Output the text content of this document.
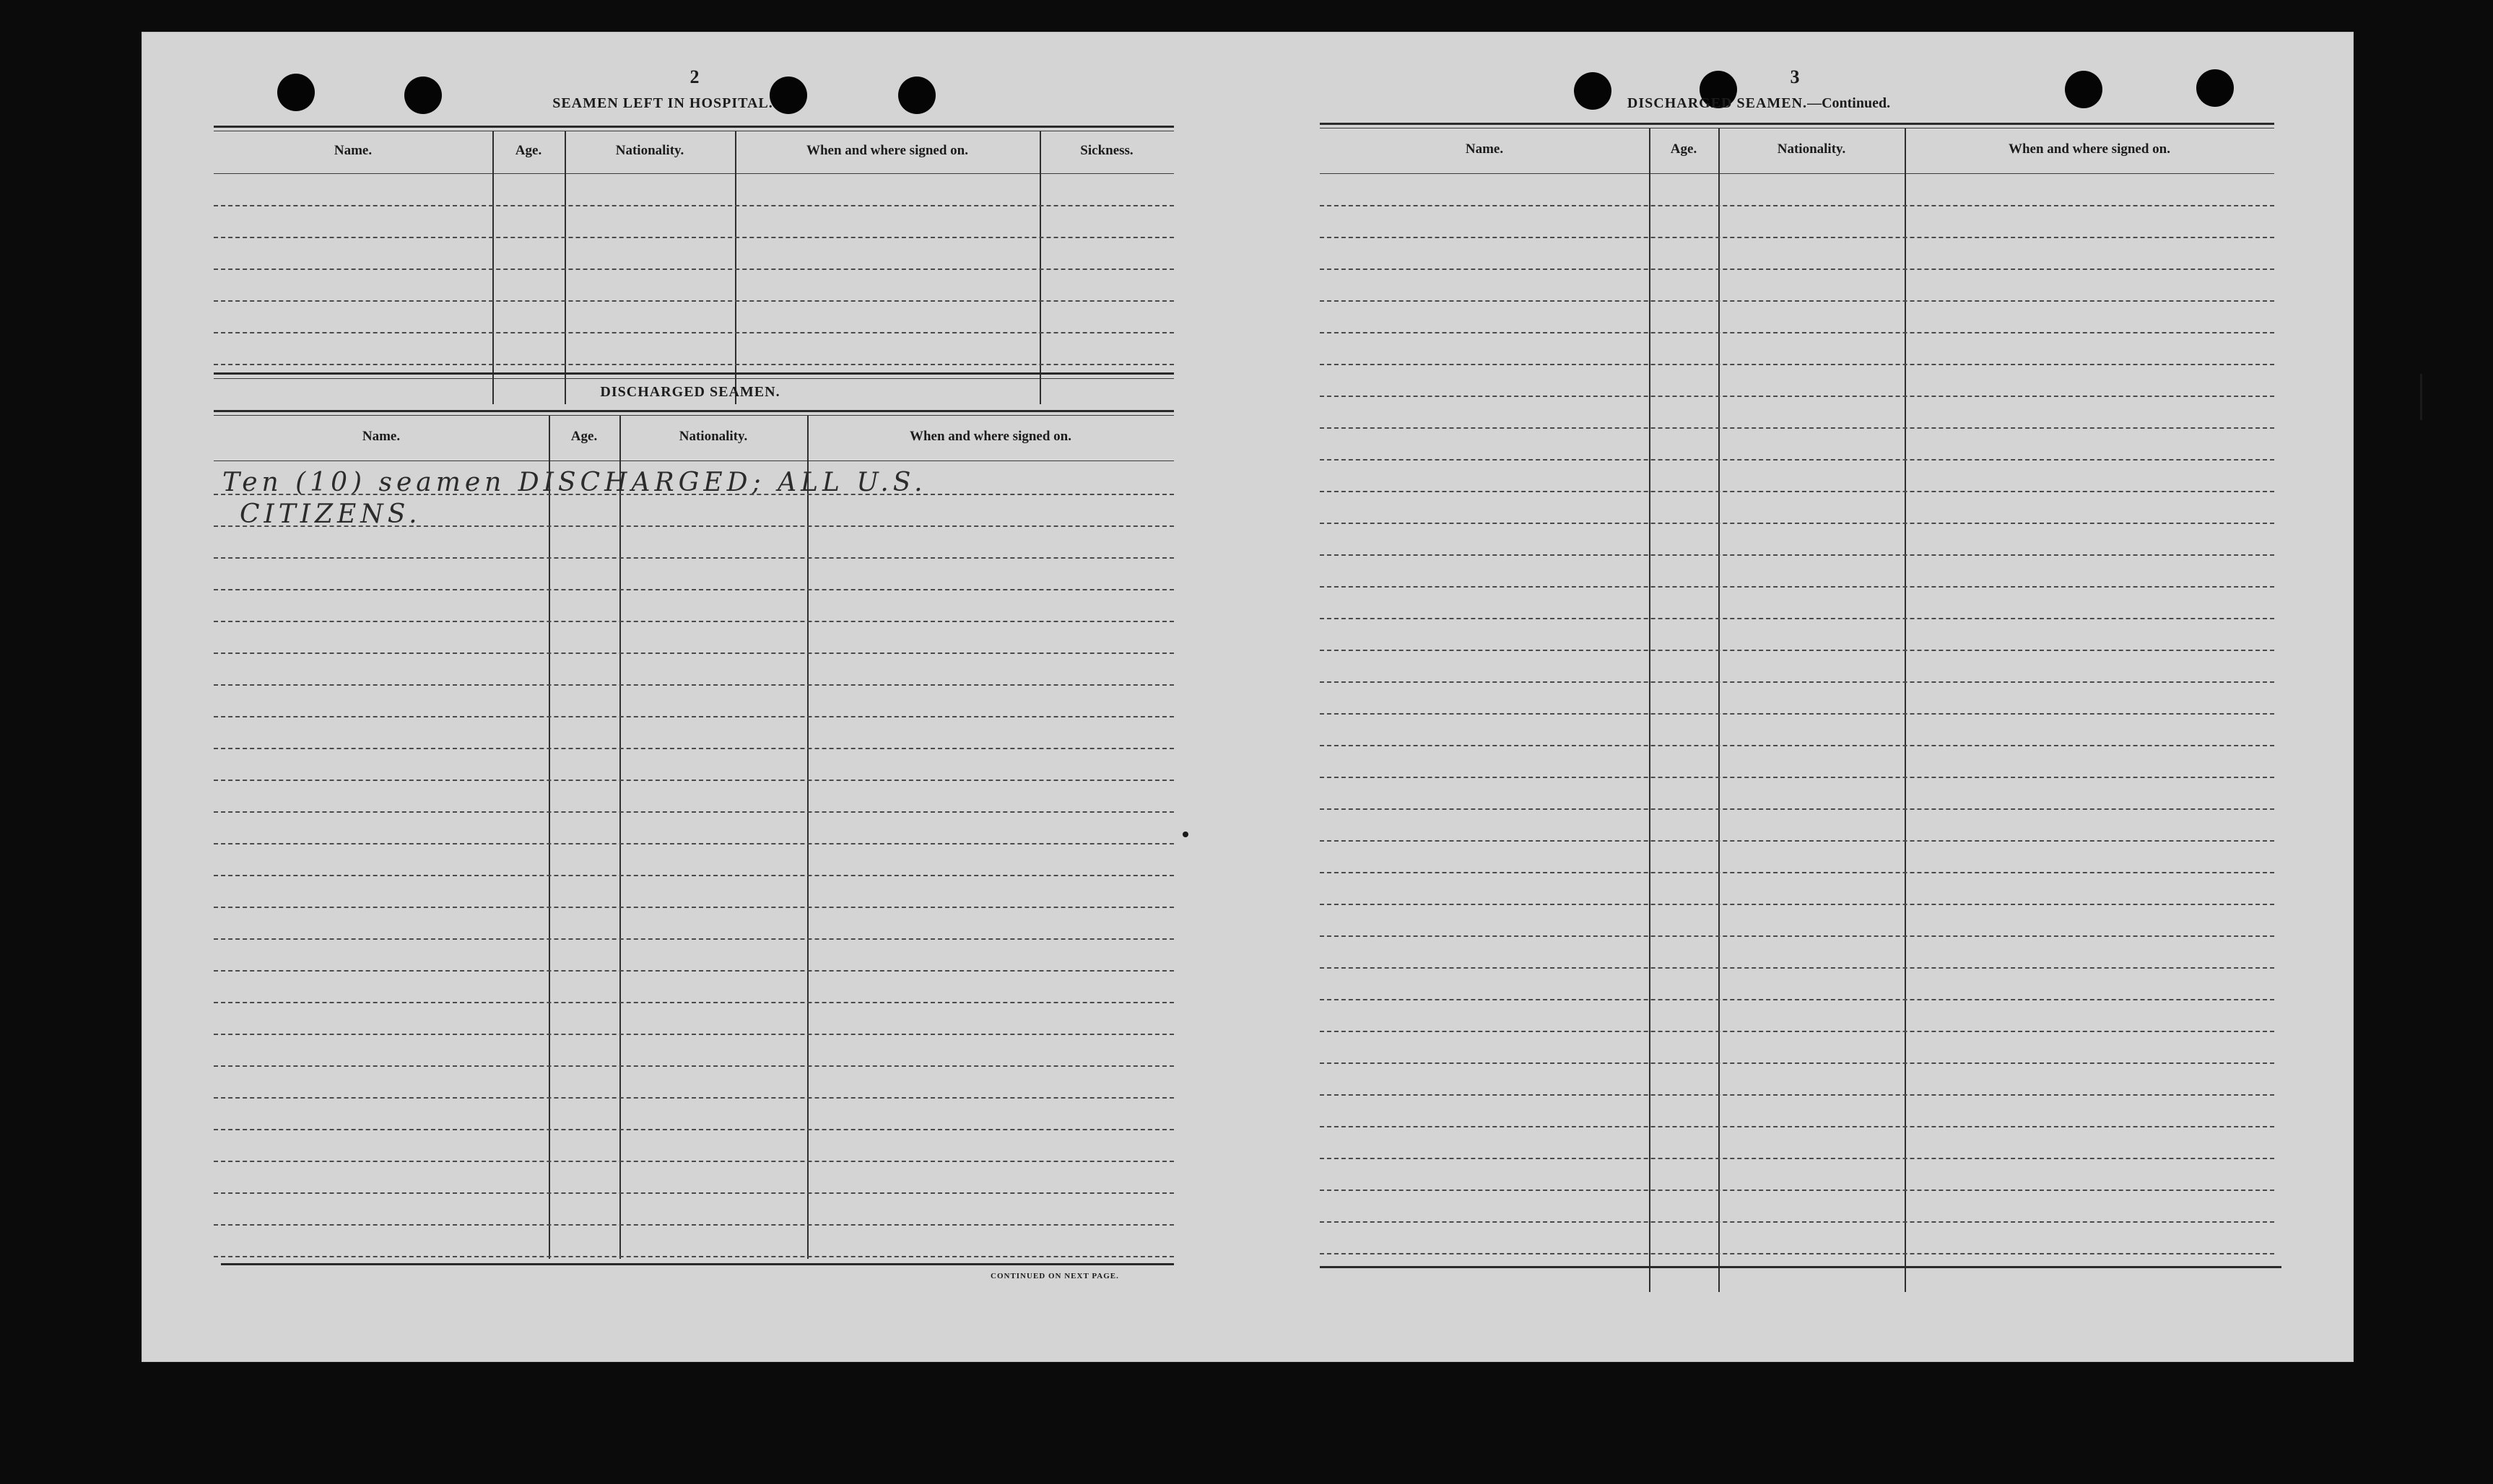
2
SEAMEN LEFT IN HOSPITAL.
Name.	Age.	Nationality.	When and where signed on.	Sickness.
DISCHARGED SEAMEN.
Name.	Age.	Nationality.	When and where signed on.
Ten (10) seamen DISCHARGED; ALL U.S.
CITIZENS.
CONTINUED ON NEXT PAGE.
3
DISCHARGED SEAMEN.—Continued.
Name.	Age.	Nationality.	When and where signed on.
